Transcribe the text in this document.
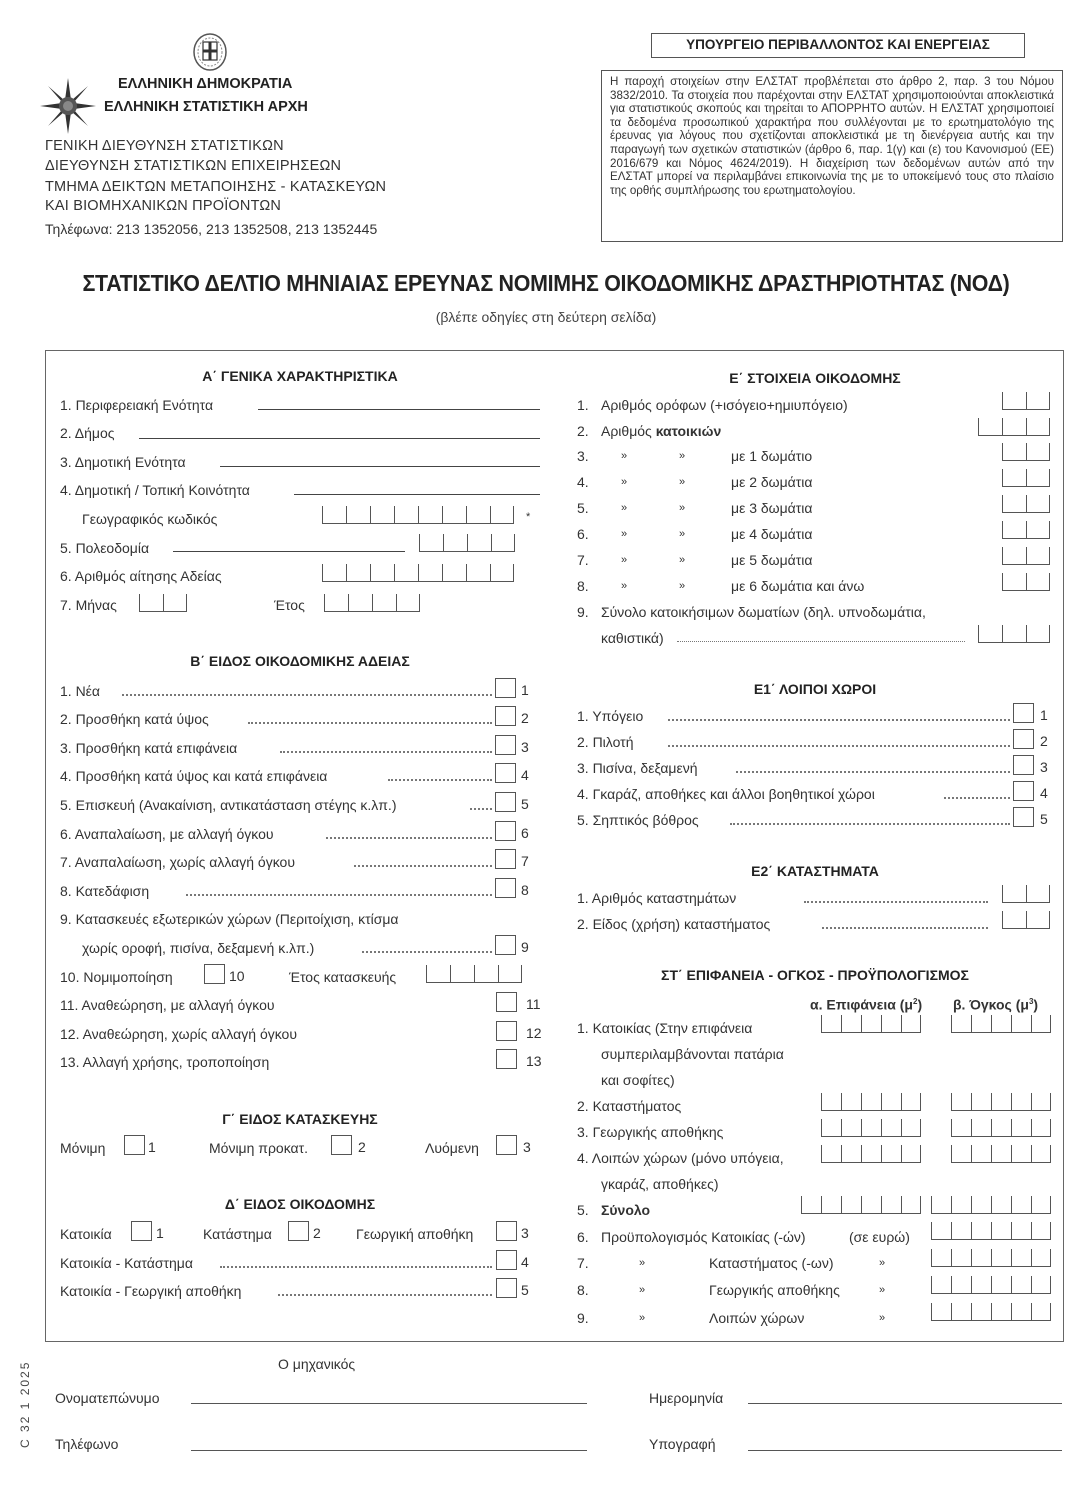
ΕΛΛΗΝΙΚΗ ΔΗΜΟΚΡΑΤΙΑ
ΕΛΛΗΝΙΚΗ ΣΤΑΤΙΣΤΙΚΗ ΑΡΧΗ
ΓΕΝΙΚΗ ΔΙΕΥΘΥΝΣΗ ΣΤΑΤΙΣΤΙΚΩΝ
ΔΙΕΥΘΥΝΣΗ ΣΤΑΤΙΣΤΙΚΩΝ ΕΠΙΧΕΙΡΗΣΕΩΝ
ΤΜΗΜΑ ΔΕΙΚΤΩΝ ΜΕΤΑΠΟΙΗΣΗΣ - ΚΑΤΑΣΚΕΥΩΝ
ΚΑΙ ΒΙΟΜΗΧΑΝΙΚΩΝ ΠΡΟΪΟΝΤΩΝ
Τηλέφωνα: 213 1352056, 213 1352508, 213 1352445
ΥΠΟΥΡΓΕΙΟ ΠΕΡΙΒΑΛΛΟΝΤΟΣ ΚΑΙ ΕΝΕΡΓΕΙΑΣ
Η παροχή στοιχείων στην ΕΛΣΤΑΤ προβλέπεται στο άρθρο 2, παρ. 3 του Νόμου 3832/2010. Τα στοιχεία που παρέχονται στην ΕΛΣΤΑΤ χρησιμοποιούνται αποκλειστικά για στατιστικούς σκοπούς και τηρείται το ΑΠΟΡΡΗΤΟ αυτών. Η ΕΛΣΤΑΤ χρησιμοποιεί τα δεδομένα προσωπικού χαρακτήρα που συλλέγονται με το ερωτηματολόγιο της έρευνας για λόγους που σχετίζονται αποκλειστικά με τη διενέργεια αυτής και την παραγωγή των σχετικών στατιστικών (άρθρο 6, παρ. 1(γ) και (ε) του Κανονισμού (ΕΕ) 2016/679 και Νόμος 4624/2019). Η διαχείριση των δεδομένων αυτών από την ΕΛΣΤΑΤ μπορεί να περιλαμβάνει επικοινωνία της με το υποκείμενό τους στο πλαίσιο της ορθής συμπλήρωσης του ερωτηματολογίου.
ΣΤΑΤΙΣΤΙΚΟ ΔΕΛΤΙΟ ΜΗΝΙΑΙΑΣ ΕΡΕΥΝΑΣ ΝΟΜΙΜΗΣ ΟΙΚΟΔΟΜΙΚΗΣ ΔΡΑΣΤΗΡΙΟΤΗΤΑΣ (ΝΟΔ)
(βλέπε οδηγίες στη δεύτερη σελίδα)
Α΄ ΓΕΝΙΚΑ ΧΑΡΑΚΤΗΡΙΣΤΙΚΑ
1. Περιφερειακή Ενότητα
2. Δήμος
3. Δημοτική Ενότητα
4. Δημοτική / Τοπική Κοινότητα
Γεωγραφικός κωδικός	*
5. Πολεοδομία
6. Αριθμός αίτησης Αδείας
7. Μήνας	Έτος
Β΄ ΕΙΔΟΣ ΟΙΚΟΔΟΜΙΚΗΣ ΑΔΕΙΑΣ
1. Νέα	1
2. Προσθήκη κατά ύψος	2
3. Προσθήκη κατά επιφάνεια	3
4. Προσθήκη κατά ύψος και κατά επιφάνεια	4
5. Επισκευή (Ανακαίνιση, αντικατάσταση στέγης κ.λπ.)	5
6. Αναπαλαίωση, με αλλαγή όγκου	6
7. Αναπαλαίωση, χωρίς αλλαγή όγκου	7
8. Κατεδάφιση	8
9. Κατασκευές εξωτερικών χώρων (Περιτοίχιση, κτίσμα
χωρίς οροφή, πισίνα, δεξαμενή κ.λπ.)	9
10. Νομιμοποίηση	10	Έτος κατασκευής
11. Αναθεώρηση, με αλλαγή όγκου	11
12. Αναθεώρηση, χωρίς αλλαγή όγκου	12
13. Αλλαγή χρήσης, τροποποίηση	13
Γ΄ ΕΙΔΟΣ ΚΑΤΑΣΚΕΥΗΣ
Μόνιμη	1	Μόνιμη προκατ.	2	Λυόμενη	3
Δ΄ ΕΙΔΟΣ ΟΙΚΟΔΟΜΗΣ
Κατοικία	1	Κατάστημα	2	Γεωργική αποθήκη	3
Κατοικία - Κατάστημα	4
Κατοικία - Γεωργική αποθήκη	5
Ε΄ ΣΤΟΙΧΕΙΑ ΟΙΚΟΔΟΜΗΣ
1. Αριθμός ορόφων (+ισόγειο+ημιυπόγειο)
2. Αριθμός κατοικιών
3.	»	»	με 1 δωμάτιο
4.	»	»	με 2 δωμάτια
5.	»	»	με 3 δωμάτια
6.	»	»	με 4 δωμάτια
7.	»	»	με 5 δωμάτια
8.	»	»	με 6 δωμάτια και άνω
9. Σύνολο κατοικήσιμων δωματίων (δηλ. υπνοδωμάτια,
καθιστικά)
Ε1΄ ΛΟΙΠΟΙ ΧΩΡΟΙ
1. Υπόγειο	1
2. Πιλοτή	2
3. Πισίνα, δεξαμενή	3
4. Γκαράζ, αποθήκες και άλλοι βοηθητικοί χώροι	4
5. Σηπτικός βόθρος	5
Ε2΄ ΚΑΤΑΣΤΗΜΑΤΑ
1. Αριθμός καταστημάτων
2. Είδος (χρήση) καταστήματος
ΣΤ΄ ΕΠΙΦΑΝΕΙΑ - ΟΓΚΟΣ - ΠΡΟΫΠΟΛΟΓΙΣΜΟΣ
α. Επιφάνεια $(\mu^2)$ β. Όγκος $(\mu^3)$
1. Κατοικίας (Στην επιφάνεια
συμπεριλαμβάνονται πατάρια
και σοφίτες)
2. Καταστήματος
3. Γεωργικής αποθήκης
4. Λοιπών χώρων (μόνο υπόγεια,
γκαράζ, αποθήκες)
5. Σύνολο
6. Προϋπολογισμός Κατοικίας (-ών)	(σε ευρώ)
7.	»	Καταστήματος (-ων)	»
8.	»	Γεωργικής αποθήκης	»
9.	»	Λοιπών χώρων	»
C 32 1 2025	Ο μηχανικός
Ονοματεπώνυμο	Ημερομηνία
Τηλέφωνο	Υπογραφή
